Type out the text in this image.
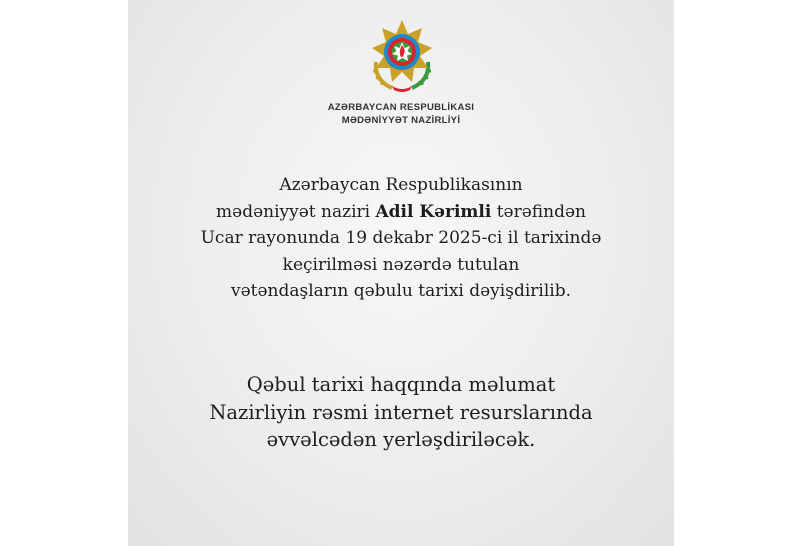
AZƏRBAYCAN RESPUBLİKASI
MƏDƏNİYYƏT NAZİRLİYİ
Azərbaycan Respublikasının
mədəniyyət naziri Adil Kərimli tərəfindən
Ucar rayonunda 19 dekabr 2025-ci il tarixində
keçirilməsi nəzərdə tutulan
vətəndaşların qəbulu tarixi dəyişdirilib.
Qəbul tarixi haqqında məlumat
Nazirliyin rəsmi internet resurslarında
əvvəlcədən yerləşdiriləcək.
